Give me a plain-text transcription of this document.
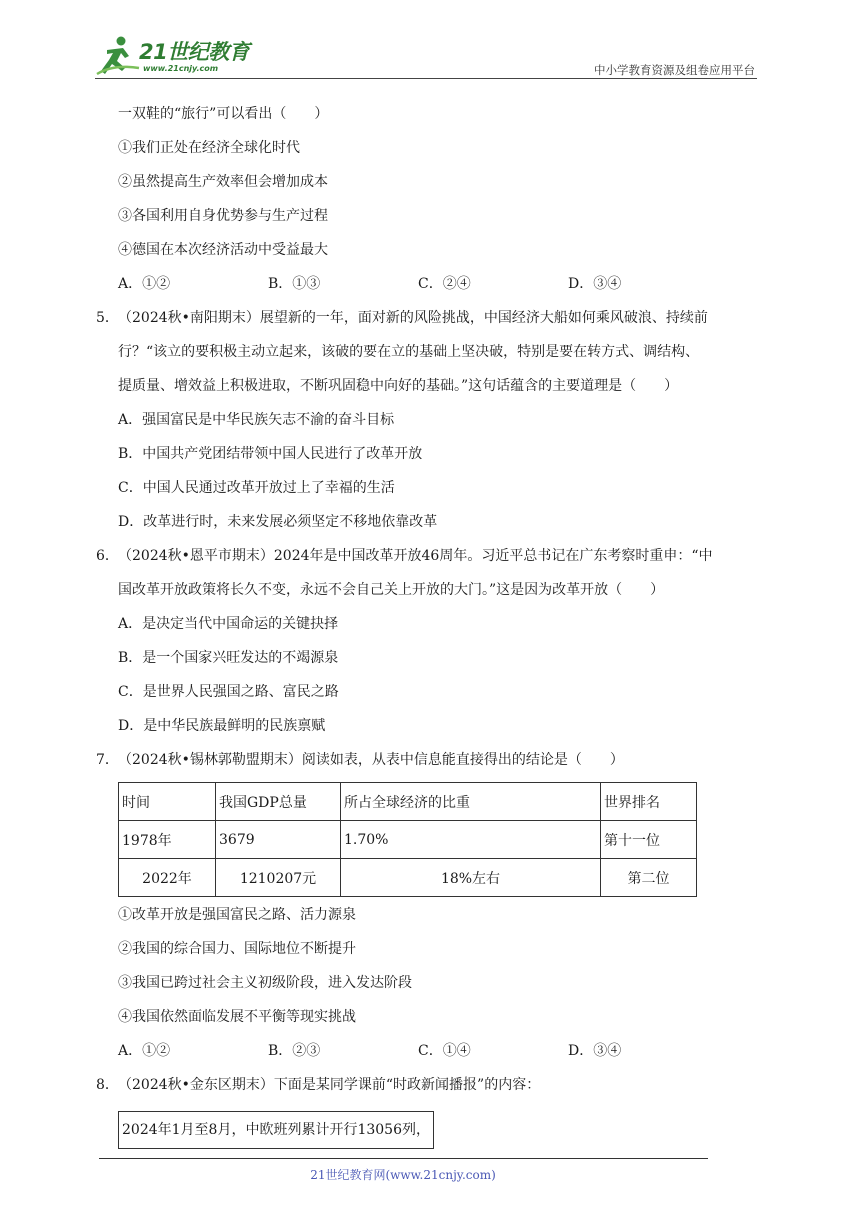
21世纪教育
www.21cnjy.com	中小学教育资源及组卷应用平台
一双鞋的“旅行”可以看出（　　）
①我们正处在经济全球化时代
②虽然提高生产效率但会增加成本
③各国利用自身优势参与生产过程
④德国在本次经济活动中受益最大
A．①②	B．①③	C．②④	D．③④
5．（2024秋•南阳期末）展望新的一年，面对新的风险挑战，中国经济大船如何乘风破浪、持续前
行？“该立的要积极主动立起来，该破的要在立的基础上坚决破，特别是要在转方式、调结构、
提质量、增效益上积极进取，不断巩固稳中向好的基础。”这句话蕴含的主要道理是（　　）
A．强国富民是中华民族矢志不渝的奋斗目标
B．中国共产党团结带领中国人民进行了改革开放
C．中国人民通过改革开放过上了幸福的生活
D．改革进行时，未来发展必须坚定不移地依靠改革
6．（2024秋•恩平市期末）2024年是中国改革开放46周年。习近平总书记在广东考察时重申：“中
国改革开放政策将长久不变，永远不会自己关上开放的大门。”这是因为改革开放（　　）
A．是决定当代中国命运的关键抉择
B．是一个国家兴旺发达的不竭源泉
C．是世界人民强国之路、富民之路
D．是中华民族最鲜明的民族禀赋
7．（2024秋•锡林郭勒盟期末）阅读如表，从表中信息能直接得出的结论是（　　）
时间	我国GDP总量	所占全球经济的比重	世界排名
1978年	3679	1.70%	第十一位
2022年	1210207元	18%左右	第二位
①改革开放是强国富民之路、活力源泉
②我国的综合国力、国际地位不断提升
③我国已跨过社会主义初级阶段，进入发达阶段
④我国依然面临发展不平衡等现实挑战
A．①②	B．②③	C．①④	D．③④
8．（2024秋•金东区期末）下面是某同学课前“时政新闻播报”的内容：
2024年1月至8月，中欧班列累计开行13056列，
21世纪教育网(www.21cnjy.com)
